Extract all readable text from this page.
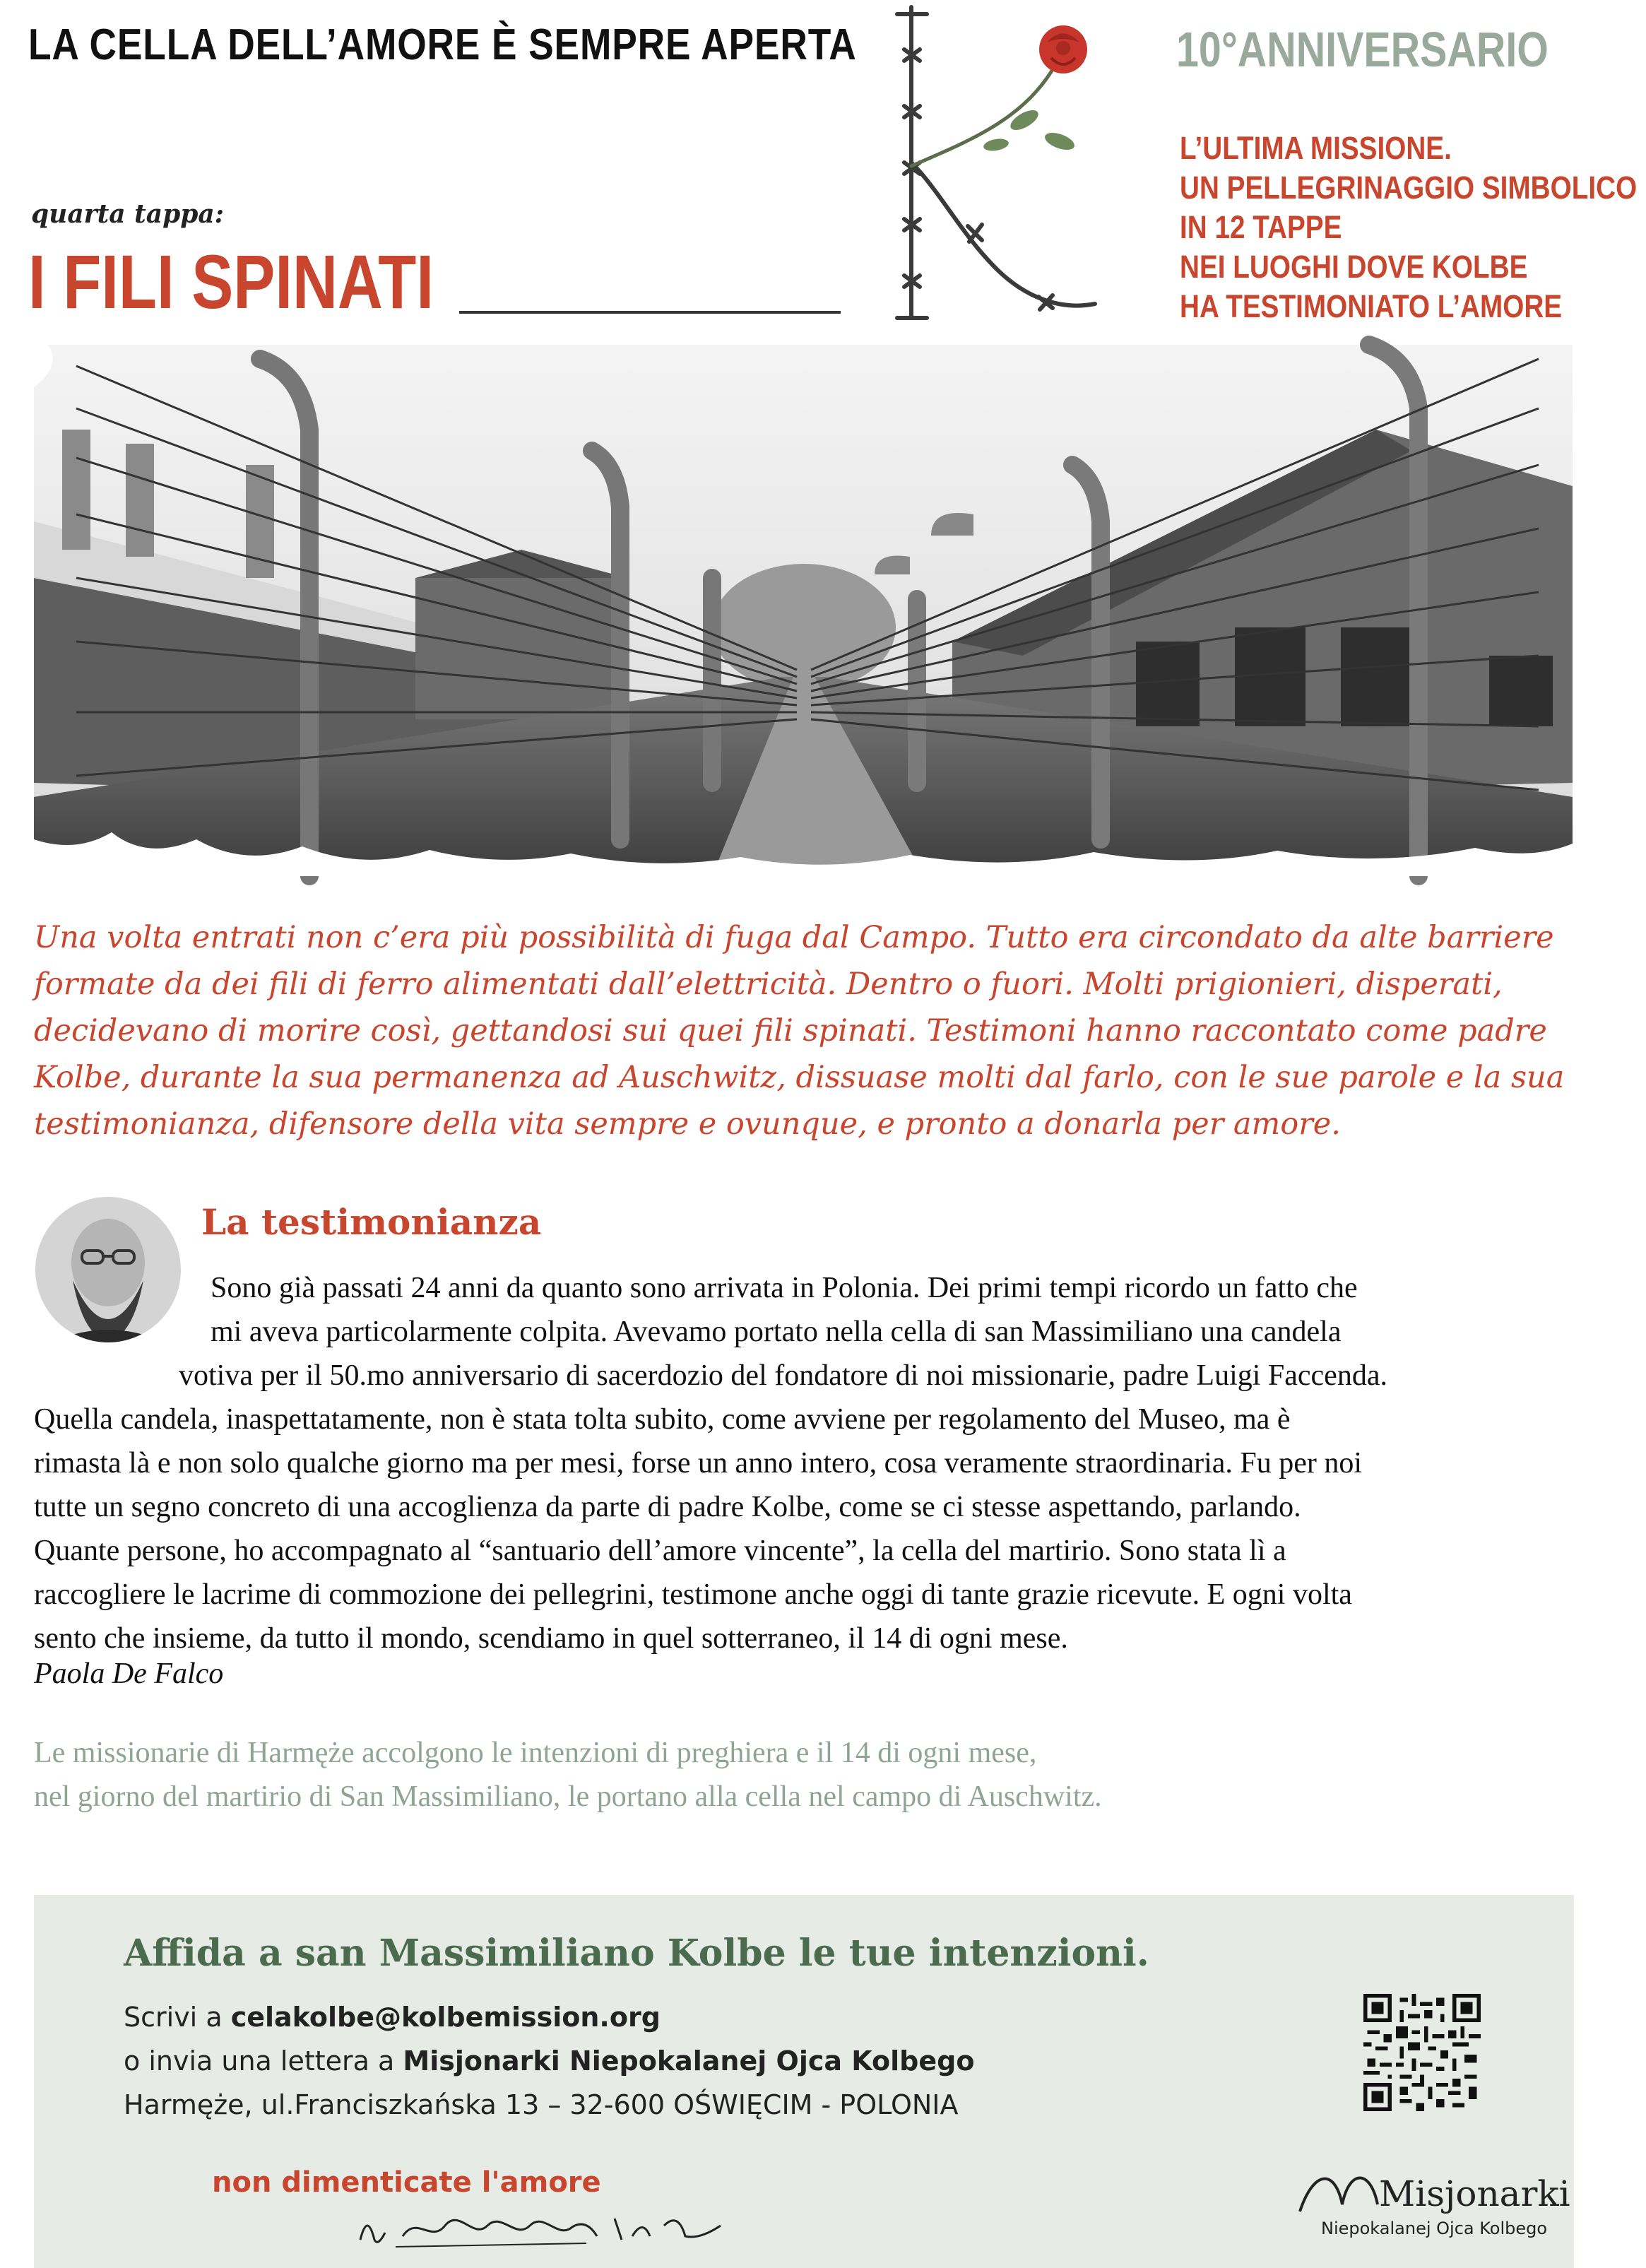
LA CELLA DELL’AMORE È SEMPRE APERTA
quarta tappa:
I FILI SPINATI
10°ANNIVERSARIO
L’ULTIMA MISSIONE.
UN PELLEGRINAGGIO SIMBOLICO
IN 12 TAPPE
NEI LUOGHI DOVE KOLBE
HA TESTIMONIATO L’AMORE
Una volta entrati non c’era più possibilità di fuga dal Campo. Tutto era circondato da alte barriere
formate da dei fili di ferro alimentati dall’elettricità. Dentro o fuori. Molti prigionieri, disperati,
decidevano di morire così, gettandosi sui quei fili spinati. Testimoni hanno raccontato come padre
Kolbe, durante la sua permanenza ad Auschwitz, dissuase molti dal farlo, con le sue parole e la sua
testimonianza, difensore della vita sempre e ovunque, e pronto a donarla per amore.
La testimonianza
Sono già passati 24 anni da quanto sono arrivata in Polonia. Dei primi tempi ricordo un fatto che
mi aveva particolarmente colpita. Avevamo portato nella cella di san Massimiliano una candela
votiva per il 50.mo anniversario di sacerdozio del fondatore di noi missionarie, padre Luigi Faccenda.
Quella candela, inaspettatamente, non è stata tolta subito, come avviene per regolamento del Museo, ma è
rimasta là e non solo qualche giorno ma per mesi, forse un anno intero, cosa veramente straordinaria. Fu per noi
tutte un segno concreto di una accoglienza da parte di padre Kolbe, come se ci stesse aspettando, parlando.
Quante persone, ho accompagnato al “santuario dell’amore vincente”, la cella del martirio. Sono stata lì a
raccogliere le lacrime di commozione dei pellegrini, testimone anche oggi di tante grazie ricevute. E ogni volta
sento che insieme, da tutto il mondo, scendiamo in quel sotterraneo, il 14 di ogni mese.
Paola De Falco
Le missionarie di Harmęże accolgono le intenzioni di preghiera e il 14 di ogni mese,
nel giorno del martirio di San Massimiliano, le portano alla cella nel campo di Auschwitz.
Affida a san Massimiliano Kolbe le tue intenzioni.
Scrivi a celakolbe@kolbemission.org
o invia una lettera a Misjonarki Niepokalanej Ojca Kolbego
Harmęże, ul.Franciszkańska 13 – 32-600 OŚWIĘCIM - POLONIA
non dimenticate l'amore	Misjonarki
Niepokalanej Ojca Kolbego
